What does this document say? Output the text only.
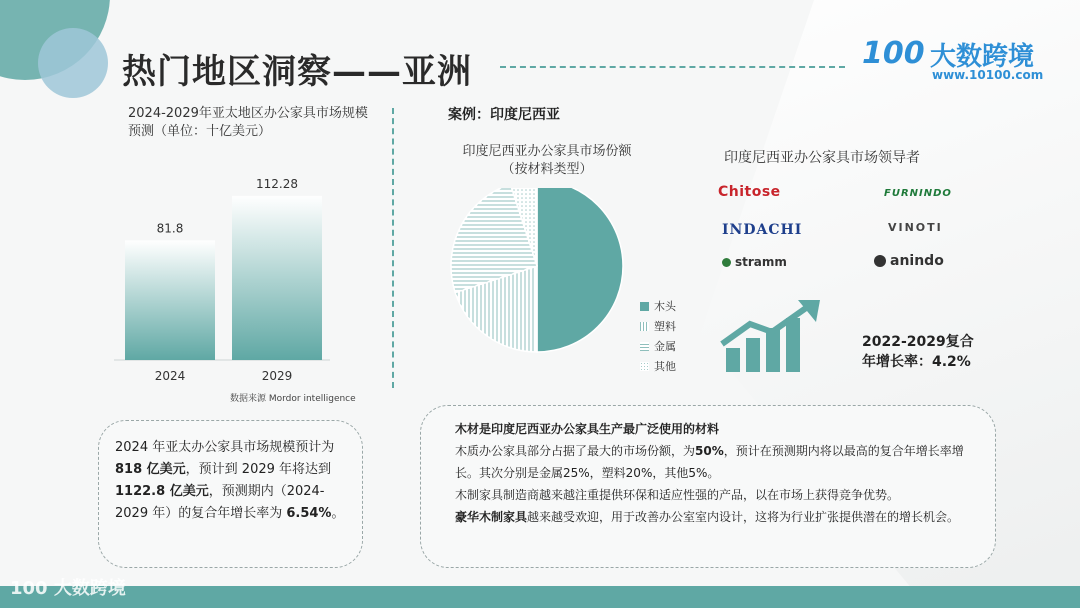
热门地区洞察——亚洲	100 大数跨境
www.10100.com
2024-2029年亚太地区办公家具市场规模预测（单位：十亿美元）
81.8
2024
112.28
2029
数据来源 Mordor intelligence

2024 年亚太办公家具市场规模预计为 818 亿美元，预计到 2029 年将达到 1122.8 亿美元，预测期内（2024-2029 年）的复合年增长率为 6.54%。

案例：印度尼西亚
印度尼西亚办公家具市场份额
（按材料类型）
木头
塑料
金属
其他
印度尼西亚办公家具市场领导者
Chitose	FURNINDO
INDACHI	VINOTI
stramm	anindo
2022-2029复合
年增长率：4.2%

木材是印度尼西亚办公家具生产最广泛使用的材料

木质办公家具部分占据了最大的市场份额，为50%，预计在预测期内将以最高的复合年增长率增长。其次分别是金属25%，塑料20%，其他5%。

木制家具制造商越来越注重提供环保和适应性强的产品，以在市场上获得竞争优势。

豪华木制家具越来越受欢迎，用于改善办公室室内设计，这将为行业扩张提供潜在的增长机会。

100 大数跨境
